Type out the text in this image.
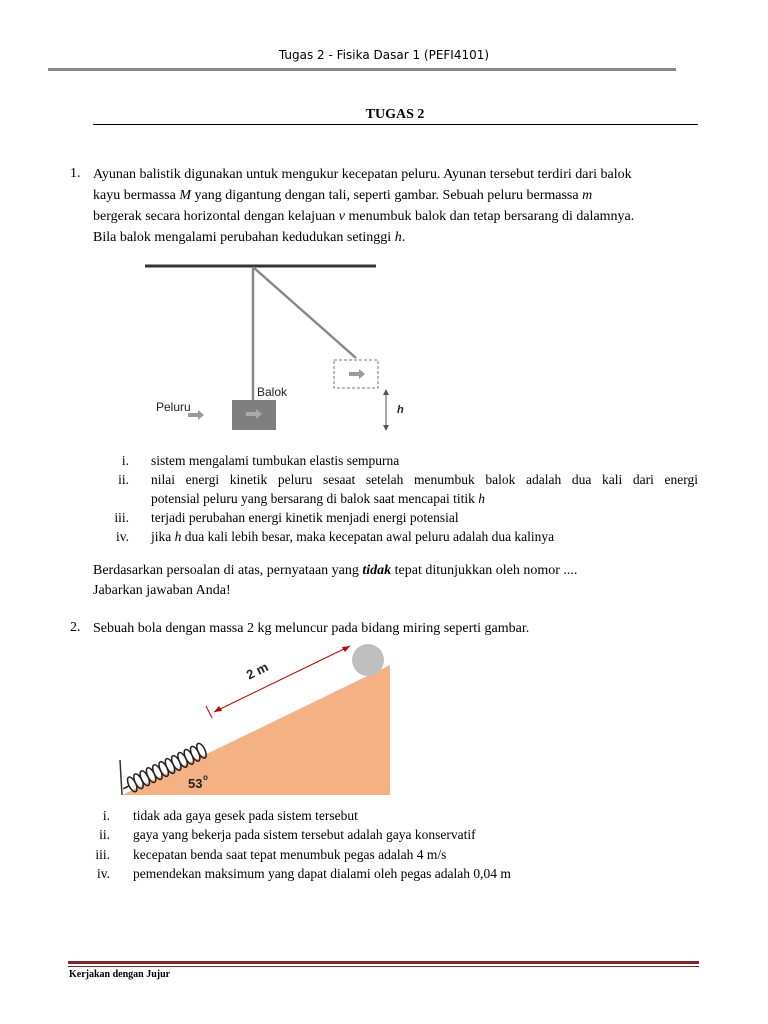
Tugas 2 - Fisika Dasar 1 (PEFI4101)
TUGAS 2
1. Ayunan balistik digunakan untuk mengukur kecepatan peluru. Ayunan tersebut terdiri dari balok
kayu bermassa M yang digantung dengan tali, seperti gambar. Sebuah peluru bermassa m
bergerak secara horizontal dengan kelajuan v menumbuk balok dan tetap bersarang di dalamnya.
Bila balok mengalami perubahan kedudukan setinggi h.
Balok
Peluru	h
i. sistem mengalami tumbukan elastis sempurna
ii. nilai energi kinetik peluru sesaat setelah menumbuk balok adalah dua kali dari energi
potensial peluru yang bersarang di balok saat mencapai titik h
iii. terjadi perubahan energi kinetik menjadi energi potensial
iv. jika h dua kali lebih besar, maka kecepatan awal peluru adalah dua kalinya
Berdasarkan persoalan di atas, pernyataan yang tidak tepat ditunjukkan oleh nomor ....
Jabarkan jawaban Anda!
2. Sebuah bola dengan massa 2 kg meluncur pada bidang miring seperti gambar.
2 m
53 o
i. tidak ada gaya gesek pada sistem tersebut
ii. gaya yang bekerja pada sistem tersebut adalah gaya konservatif
iii. kecepatan benda saat tepat menumbuk pegas adalah 4 m/s
iv. pemendekan maksimum yang dapat dialami oleh pegas adalah 0,04 m
Kerjakan dengan Jujur
